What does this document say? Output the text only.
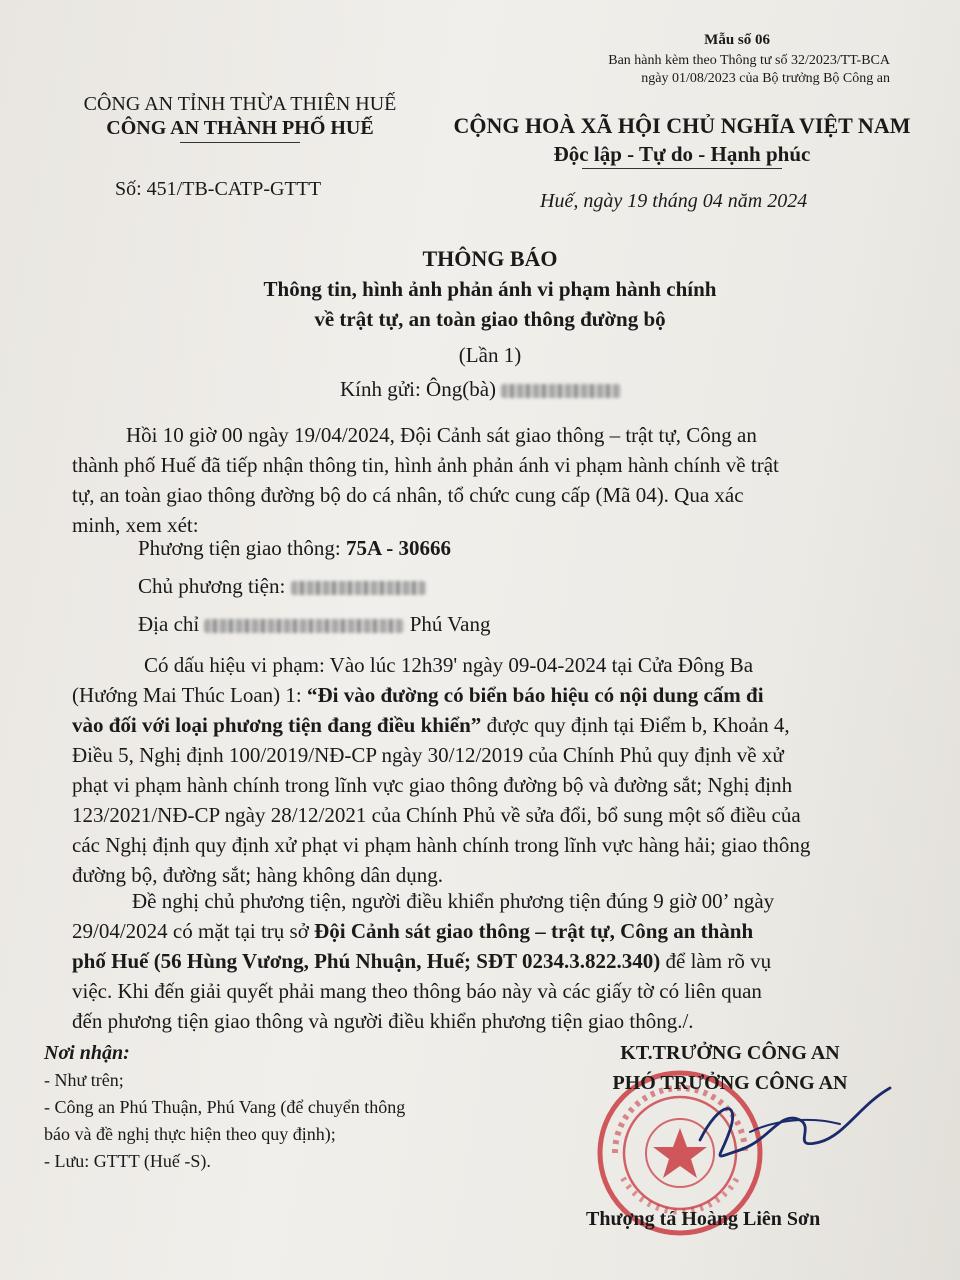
Mẫu số 06
Ban hành kèm theo Thông tư số 32/2023/TT-BCA
ngày 01/08/2023 của Bộ trưởng Bộ Công an
CÔNG AN TỈNH THỪA THIÊN HUẾ
CÔNG AN THÀNH PHỐ HUẾ
Số: 451/TB-CATP-GTTT
CỘNG HOÀ XÃ HỘI CHỦ NGHĨA VIỆT NAM
Độc lập - Tự do - Hạnh phúc
Huế, ngày 19 tháng 04 năm 2024
THÔNG BÁO
Thông tin, hình ảnh phản ánh vi phạm hành chính
về trật tự, an toàn giao thông đường bộ
(Lần 1)
Kính gửi: Ông(bà)
Hồi 10 giờ 00 ngày 19/04/2024, Đội Cảnh sát giao thông – trật tự, Công an
thành phố Huế đã tiếp nhận thông tin, hình ảnh phản ánh vi phạm hành chính về trật
tự, an toàn giao thông đường bộ do cá nhân, tổ chức cung cấp (Mã 04). Qua xác
minh, xem xét:
Phương tiện giao thông: 75A - 30666
Chủ phương tiện:
Địa chỉ	Phú Vang
Có dấu hiệu vi phạm: Vào lúc 12h39' ngày 09-04-2024 tại Cửa Đông Ba
(Hướng Mai Thúc Loan) 1: “Đi vào đường có biển báo hiệu có nội dung cấm đi
vào đối với loại phương tiện đang điều khiển” được quy định tại Điểm b, Khoản 4,
Điều 5, Nghị định 100/2019/NĐ-CP ngày 30/12/2019 của Chính Phủ quy định về xử
phạt vi phạm hành chính trong lĩnh vực giao thông đường bộ và đường sắt; Nghị định
123/2021/NĐ-CP ngày 28/12/2021 của Chính Phủ về sửa đổi, bổ sung một số điều của
các Nghị định quy định xử phạt vi phạm hành chính trong lĩnh vực hàng hải; giao thông
đường bộ, đường sắt; hàng không dân dụng.
Đề nghị chủ phương tiện, người điều khiển phương tiện đúng 9 giờ 00’ ngày
29/04/2024 có mặt tại trụ sở Đội Cảnh sát giao thông – trật tự, Công an thành
phố Huế (56 Hùng Vương, Phú Nhuận, Huế; SĐT 0234.3.822.340) để làm rõ vụ
việc. Khi đến giải quyết phải mang theo thông báo này và các giấy tờ có liên quan
đến phương tiện giao thông và người điều khiển phương tiện giao thông./.
Nơi nhận:
- Như trên;
- Công an Phú Thuận, Phú Vang (để chuyển thông
báo và đề nghị thực hiện theo quy định);
- Lưu: GTTT (Huế -S).
KT.TRƯỞNG CÔNG AN
PHÓ TRƯỞNG CÔNG AN
Thượng tá Hoàng Liên Sơn
